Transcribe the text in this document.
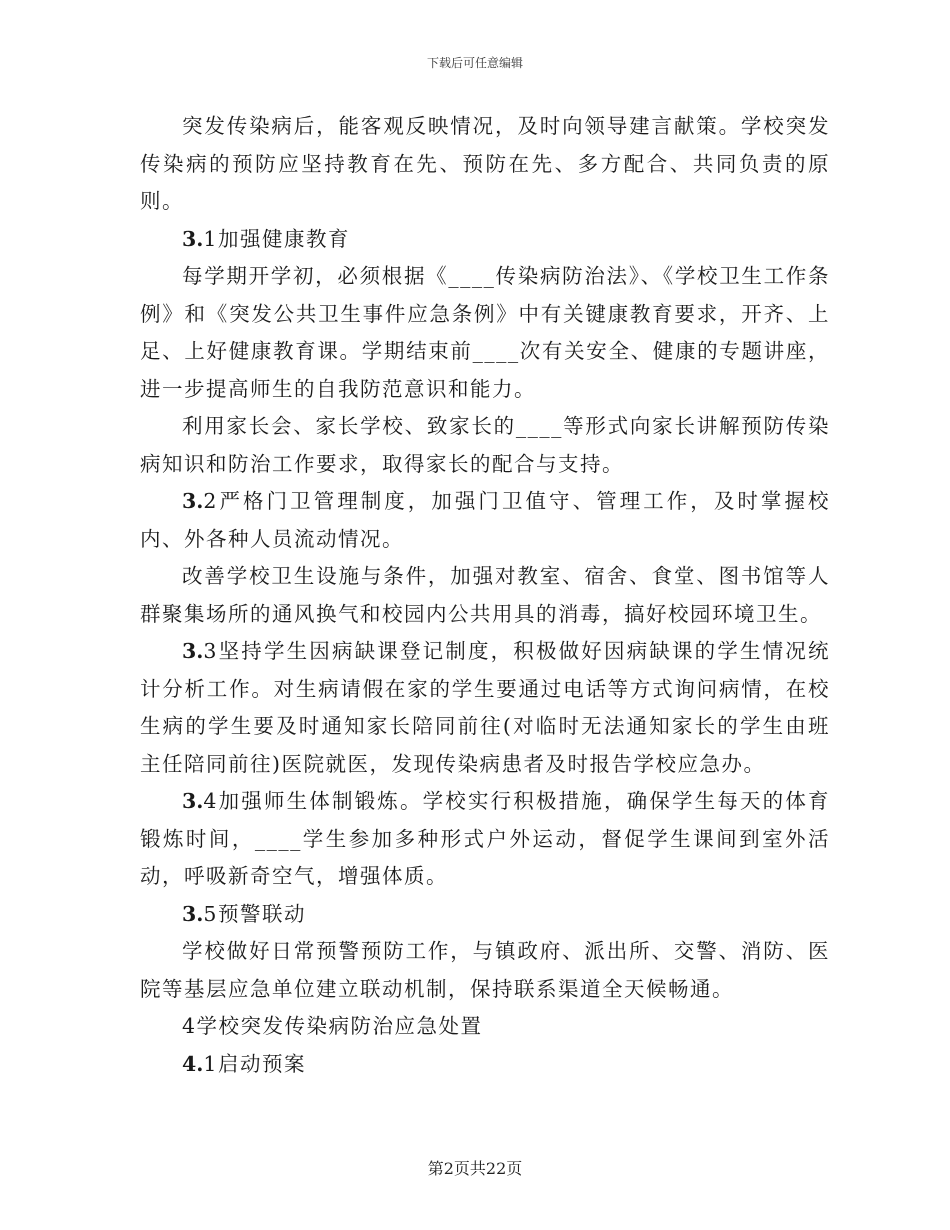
下载后可任意编辑

突发传染病后，能客观反映情况，及时向领导建言献策。学校突发传染病的预防应坚持教育在先、预防在先、多方配合、共同负责的原则。

3.1加强健康教育

每学期开学初，必须根据《____传染病防治法》、《学校卫生工作条例》和《突发公共卫生事件应急条例》中有关键康教育要求，开齐、上足、上好健康教育课。学期结束前____次有关安全、健康的专题讲座，进一步提高师生的自我防范意识和能力。

利用家长会、家长学校、致家长的____等形式向家长讲解预防传染病知识和防治工作要求，取得家长的配合与支持。

3.2严格门卫管理制度，加强门卫值守、管理工作，及时掌握校内、外各种人员流动情况。

改善学校卫生设施与条件，加强对教室、宿舍、食堂、图书馆等人群聚集场所的通风换气和校园内公共用具的消毒，搞好校园环境卫生。

3.3坚持学生因病缺课登记制度，积极做好因病缺课的学生情况统计分析工作。对生病请假在家的学生要通过电话等方式询问病情，在校生病的学生要及时通知家长陪同前往(对临时无法通知家长的学生由班主任陪同前往)医院就医，发现传染病患者及时报告学校应急办。

3.4加强师生体制锻炼。学校实行积极措施，确保学生每天的体育锻炼时间，____学生参加多种形式户外运动，督促学生课间到室外活动，呼吸新奇空气，增强体质。

3.5预警联动

学校做好日常预警预防工作，与镇政府、派出所、交警、消防、医院等基层应急单位建立联动机制，保持联系渠道全天候畅通。

4学校突发传染病防治应急处置

4.1启动预案

第2页共22页
